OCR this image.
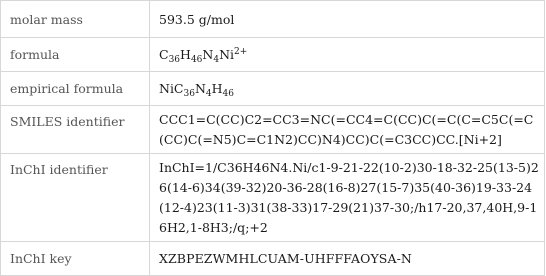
molar mass	593.5 g/mol
formula	$C_{36}H_{46}N_4Ni^{2+}$
empirical formula	$NiC_{36}N_4H_{46}$
SMILES identifier	CCC1=C(CC)C2=CC3=NC(=CC4=C(CC)C(=C(C=C5C(=C(CC)C(=N5)C=C1N2)CC)N4)CC)C(=C3CC)CC.[Ni+2]
InChI identifier	InChI=1/C36H46N4.Ni/c1-9-21-22(10-2)30-18-32-25(13-5)26(14-6)34(39-32)20-36-28(16-8)27(15-7)35(40-36)19-33-24(12-4)23(11-3)31(38-33)17-29(21)37-30;/h17-20,37,40H,9-16H2,1-8H3;/q;+2
InChI key	XZBPEZWMHLCUAM-UHFFFAOYSA-N
